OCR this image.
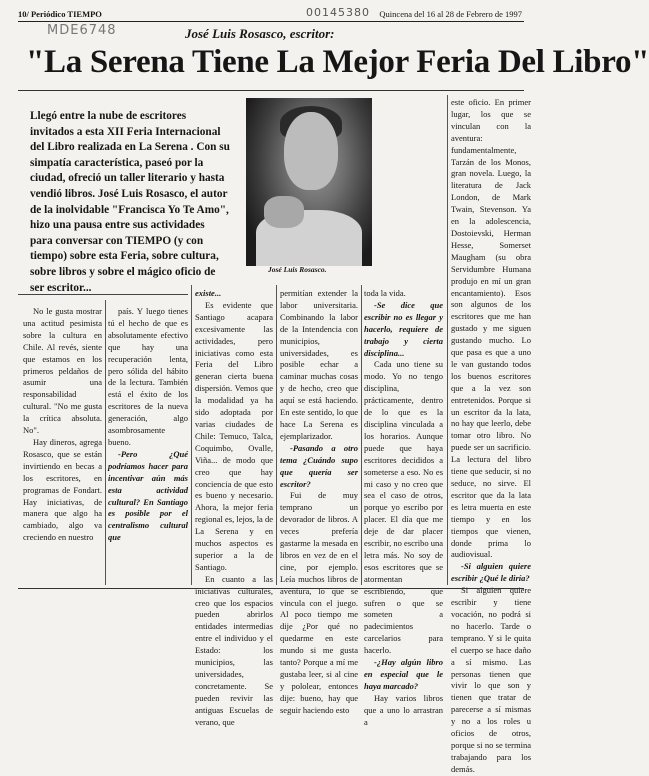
10/ Periódico TIEMPO	00145380 Quincena del 16 al 28 de Febrero de 1997
MDE6748	José Luis Rosasco, escritor:
"La Serena Tiene La Mejor Feria Del Libro"

Llegó entre la nube de escritores invitados a esta XII Feria Internacional del Libro realizada en La Serena . Con su simpatía característica, paseó por la ciudad, ofreció un taller literario y hasta vendió libros. José Luis Rosasco, el autor de la inolvidable "Francisca Yo Te Amo", hizo una pausa entre sus actividades para conversar con TIEMPO (y con tiempo) sobre esta Feria, sobre cultura, sobre libros y sobre el mágico oficio de ser escritor...

José Luis Rosasco.

No le gusta mostrar una actitud pesimista sobre la cultura en Chile. Al revés, siente que estamos en los primeros peldaños de asumir una responsabilidad cultural. "No me gusta la crítica absoluta. No".

Hay dineros, agrega Rosasco, que se están invirtiendo en becas a los escritores, en programas de Fondart. Hay iniciativas, de manera que algo ha cambiado, algo va creciendo en nuestro

país. Y luego tienes tú el hecho de que es absolutamente efectivo que hay una recuperación lenta, pero sólida del hábito de la lectura. También está el éxito de los escritores de la nueva generación, algo asombrosamente bueno.

-Pero ¿Qué podríamos hacer para incentivar aún más esta actividad cultural? En Santiago es posible por el centralismo cultural que

existe...

Es evidente que Santiago acapara excesivamente las actividades, pero iniciativas como esta Feria del Libro generan cierta buena dispersión. Vemos que la modalidad ya ha sido adoptada por varias ciudades de Chile: Temuco, Talca, Coquimbo, Ovalle, Viña... de modo que creo que hay conciencia de que esto es bueno y necesario. Ahora, la mejor feria regional es, lejos, la de La Serena y en muchos aspectos es superior a la de Santiago.

En cuanto a las iniciativas culturales, creo que los espacios pueden abrirlos entidades intermedias entre el individuo y el Estado: los municipios, las universidades, concretamente. Se pueden revivir las antiguas Escuelas de verano, que

permitían extender la labor universitaria. Combinando la labor de la Intendencia con municipios, universidades, es posible echar a caminar muchas cosas y de hecho, creo que aquí se está haciendo. En este sentido, lo que hace La Serena es ejemplarizador.

-Pasando a otro tema ¿Cuándo supo que quería ser escritor?

Fui de muy temprano un devorador de libros. A veces prefería gastarme la mesada en libros en vez de en el cine, por ejemplo. Leía muchos libros de aventura, lo que se vincula con el juego. Al poco tiempo me dije ¿Por qué no quedarme en este mundo si me gusta tanto? Porque a mí me gustaba leer, si al cine y pololear, entonces dije: bueno, hay que seguir haciendo esto

toda la vida.

-Se dice que escribir no es llegar y hacerlo, requiere de trabajo y cierta disciplina...

Cada uno tiene su modo. Yo no tengo disciplina, prácticamente, dentro de lo que es la disciplina vinculada a los horarios. Aunque puede que haya escritores decididos a someterse a eso. No es mi caso y no creo que sea el caso de otros, porque yo escribo por placer. El día que me deje de dar placer escribir, no escribo una letra más. No soy de esos escritores que se atormentan escribiendo, que sufren o que se someten a padecimientos carcelarios para hacerlo.

-¿Hay algún libro en especial que le haya marcado?

Hay varios libros que a uno lo arrastran a

este oficio. En primer lugar, los que se vinculan con la aventura: fundamentalmente, Tarzán de los Monos, gran novela. Luego, la literatura de Jack London, de Mark Twain, Stevenson. Ya en la adolescencia, Dostoievski, Herman Hesse, Somerset Maugham (su obra Servidumbre Humana produjo en mí un gran encantamiento). Esos son algunos de los escritores que me han gustado y me siguen gustando mucho. Lo que pasa es que a uno le van gustando todos los buenos escritores que a la vez son entretenidos. Porque si un escritor da la lata, no hay que leerlo, debe tomar otro libro. No puede ser un sacrificio. La lectura del libro tiene que seducir, si no seduce, no sirve. El escritor que da la lata es letra muerta en este tiempo y en los tiempos que vienen, donde prima lo audiovisual.

-Si alguien quiere escribir ¿Qué le diría?

Si alguien quiere escribir y tiene vocación, no podrá si no hacerlo. Tarde o temprano. Y si le quita el cuerpo se hace daño a sí mismo. Las personas tienen que vivir lo que son y tienen que tratar de parecerse a sí mismas y no a los roles u oficios de otros, porque si no se termina trabajando para los demás.
